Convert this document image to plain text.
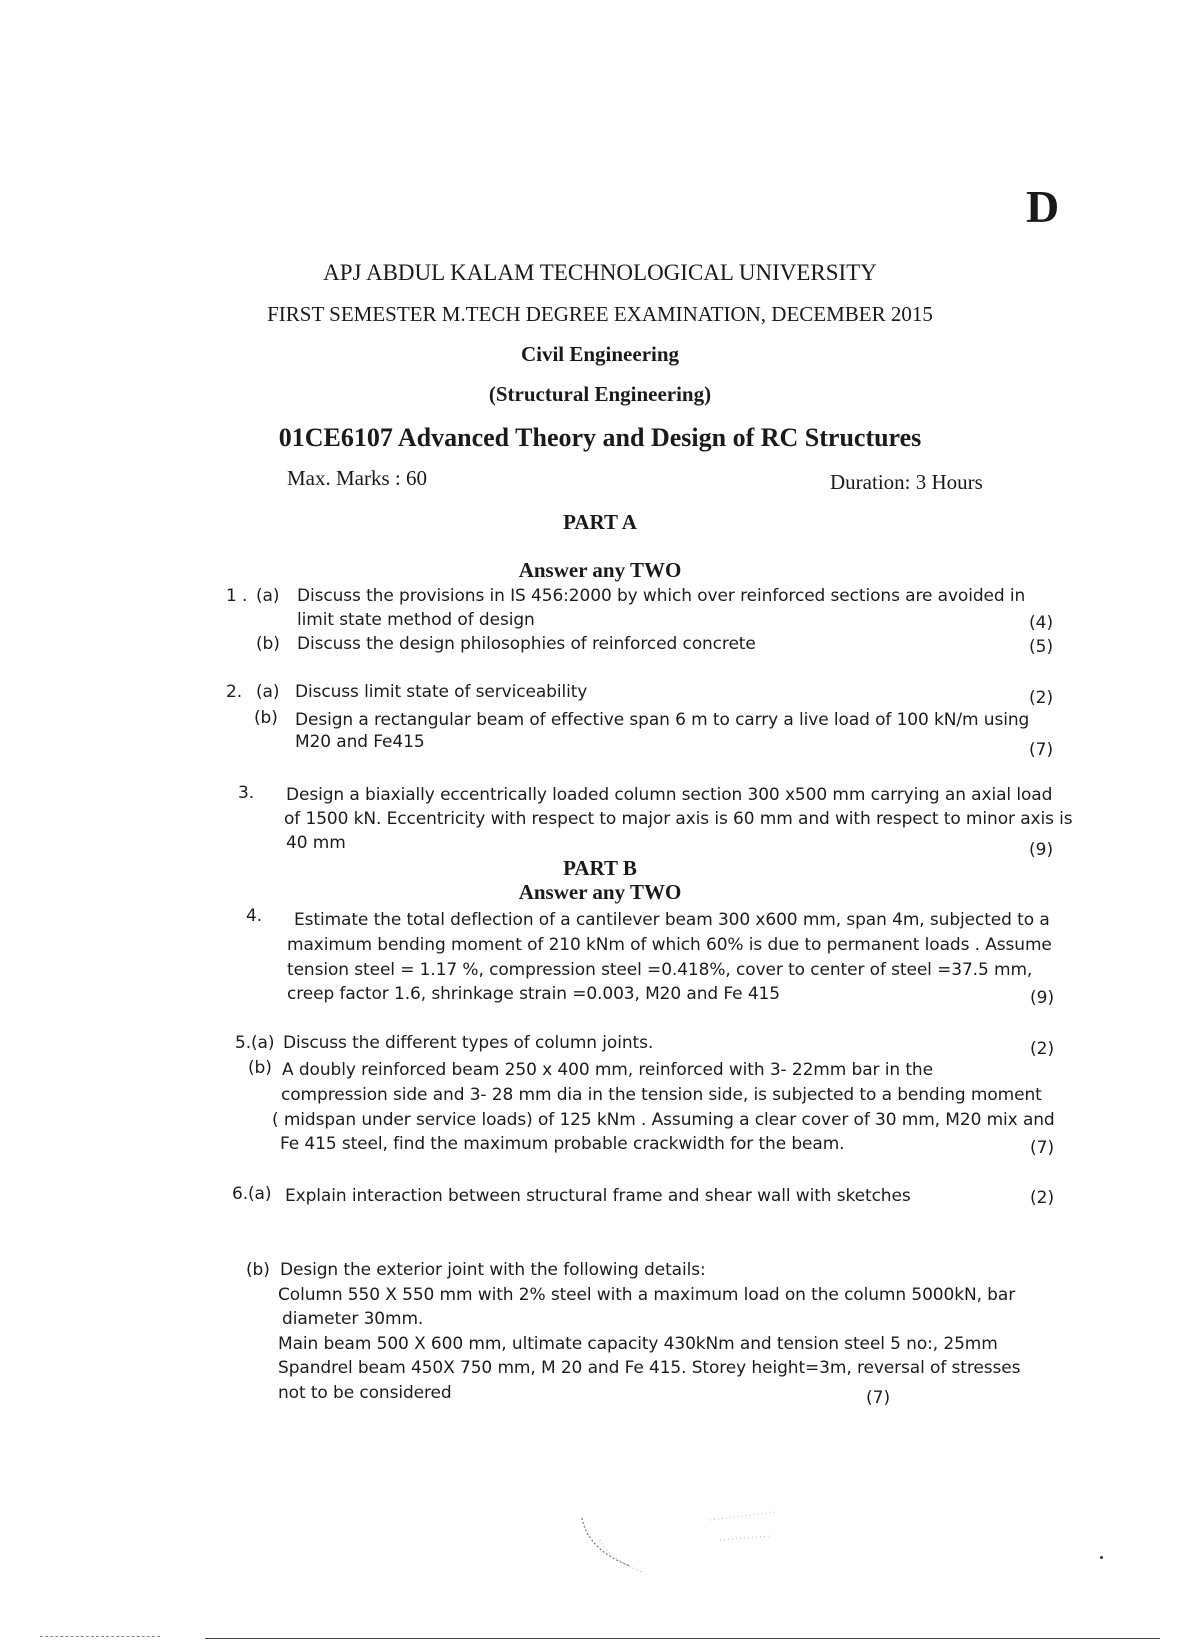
D
APJ ABDUL KALAM TECHNOLOGICAL UNIVERSITY
FIRST SEMESTER M.TECH DEGREE EXAMINATION, DECEMBER 2015
Civil Engineering
(Structural Engineering)
01CE6107 Advanced Theory and Design of RC Structures
Max. Marks : 60	Duration: 3 Hours
PART A
Answer any TWO
1 . (a) Discuss the provisions in IS 456:2000 by which over reinforced sections are avoided in
limit state method of design	(4)
(b) Discuss the design philosophies of reinforced concrete	(5)
2. (a) Discuss limit state of serviceability	(2)
(b) Design a rectangular beam of effective span 6 m to carry a live load of 100 kN/m using
M20 and Fe415	(7)
3. Design a biaxially eccentrically loaded column section 300 x500 mm carrying an axial load
of 1500 kN. Eccentricity with respect to major axis is 60 mm and with respect to minor axis is
40 mm	(9)
PART B
Answer any TWO
4. Estimate the total deflection of a cantilever beam 300 x600 mm, span 4m, subjected to a
maximum bending moment of 210 kNm of which 60% is due to permanent loads . Assume
tension steel = 1.17 %, compression steel =0.418%, cover to center of steel =37.5 mm,
creep factor 1.6, shrinkage strain =0.003, M20 and Fe 415	(9)
5.(a) Discuss the different types of column joints.	(2)
(b) A doubly reinforced beam 250 x 400 mm, reinforced with 3- 22mm bar in the
compression side and 3- 28 mm dia in the tension side, is subjected to a bending moment
( midspan under service loads) of 125 kNm . Assuming a clear cover of 30 mm, M20 mix and
Fe 415 steel, find the maximum probable crackwidth for the beam.	(7)
6.(a) Explain interaction between structural frame and shear wall with sketches	(2)
(b) Design the exterior joint with the following details:
Column 550 X 550 mm with 2% steel with a maximum load on the column 5000kN, bar
diameter 30mm.
Main beam 500 X 600 mm, ultimate capacity 430kNm and tension steel 5 no:, 25mm
Spandrel beam 450X 750 mm, M 20 and Fe 415. Storey height=3m, reversal of stresses
not to be considered	(7)
